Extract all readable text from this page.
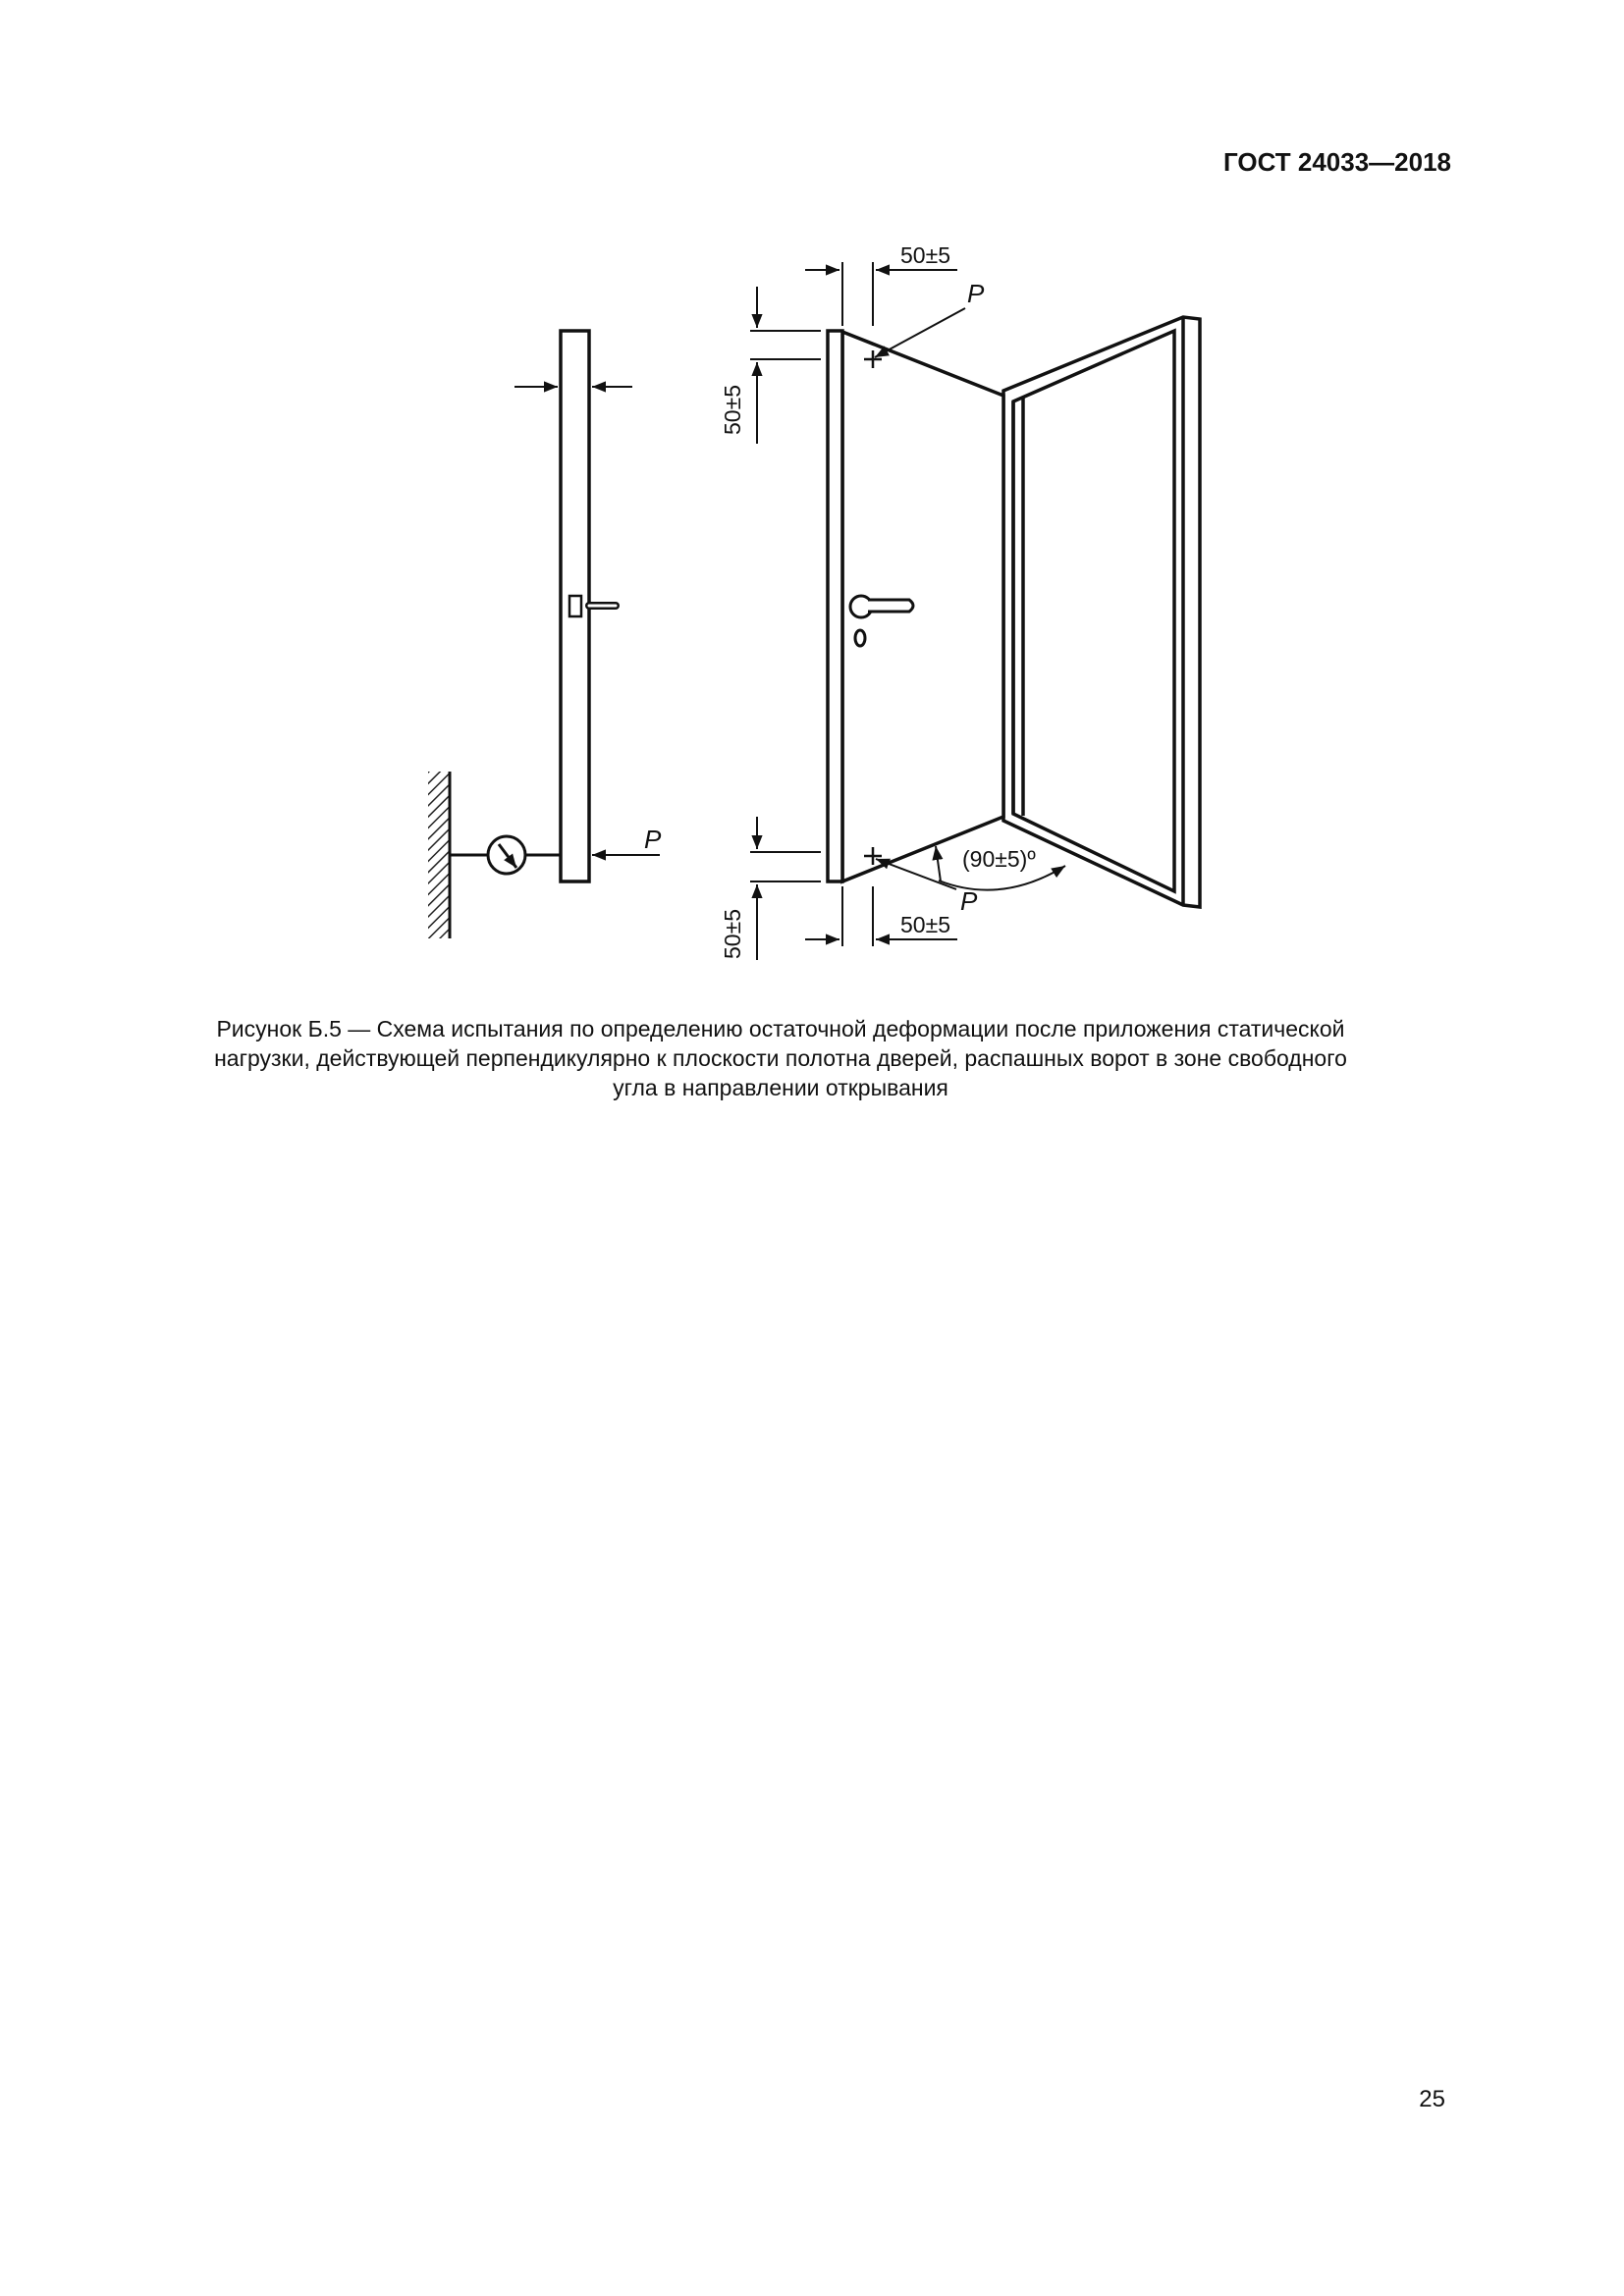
ГОСТ 24033—2018
P
50±5
P
50±5
(90±5)º
P
50±5
50±5
Рисунок Б.5 — Схема испытания по определению остаточной деформации после приложения статической
нагрузки, действующей перпендикулярно к плоскости полотна дверей, распашных ворот в зоне свободного
угла в направлении открывания
25
